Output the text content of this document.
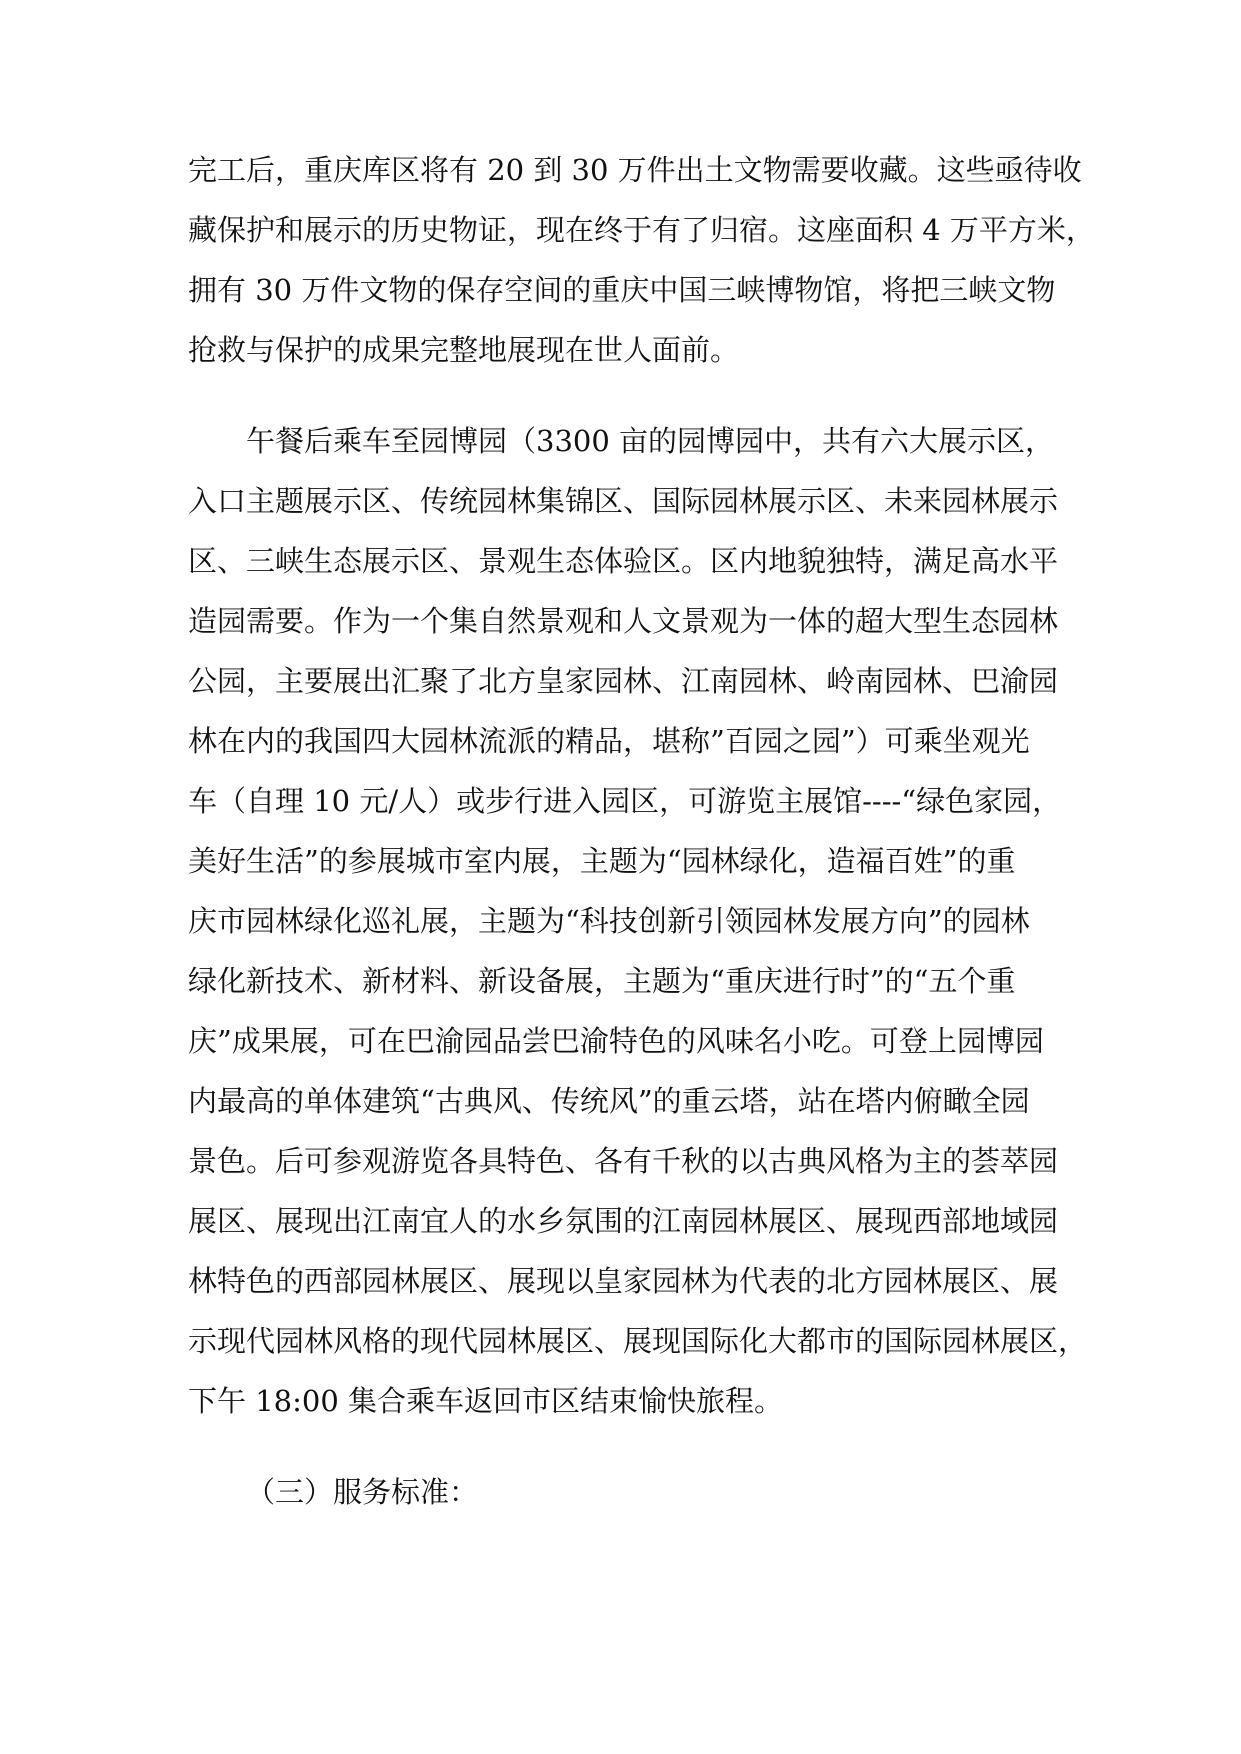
完工后，重庆库区将有 20 到 30 万件出土文物需要收藏。这些亟待收
藏保护和展示的历史物证，现在终于有了归宿。这座面积 4 万平方米，
拥有 30 万件文物的保存空间的重庆中国三峡博物馆，将把三峡文物
抢救与保护的成果完整地展现在世人面前。
午餐后乘车至园博园（3300 亩的园博园中，共有六大展示区，
入口主题展示区、传统园林集锦区、国际园林展示区、未来园林展示
区、三峡生态展示区、景观生态体验区。区内地貌独特，满足高水平
造园需要。作为一个集自然景观和人文景观为一体的超大型生态园林
公园，主要展出汇聚了北方皇家园林、江南园林、岭南园林、巴渝园
林在内的我国四大园林流派的精品，堪称”百园之园”）可乘坐观光
车（自理 10 元/人）或步行进入园区，可游览主展馆----“绿色家园，
美好生活”的参展城市室内展，主题为“园林绿化，造福百姓”的重
庆市园林绿化巡礼展，主题为“科技创新引领园林发展方向”的园林
绿化新技术、新材料、新设备展，主题为“重庆进行时”的“五个重
庆”成果展，可在巴渝园品尝巴渝特色的风味名小吃。可登上园博园
内最高的单体建筑“古典风、传统风”的重云塔，站在塔内俯瞰全园
景色。后可参观游览各具特色、各有千秋的以古典风格为主的荟萃园
展区、展现出江南宜人的水乡氛围的江南园林展区、展现西部地域园
林特色的西部园林展区、展现以皇家园林为代表的北方园林展区、展
示现代园林风格的现代园林展区、展现国际化大都市的国际园林展区，
下午 18:00 集合乘车返回市区结束愉快旅程。
（三）服务标准：
